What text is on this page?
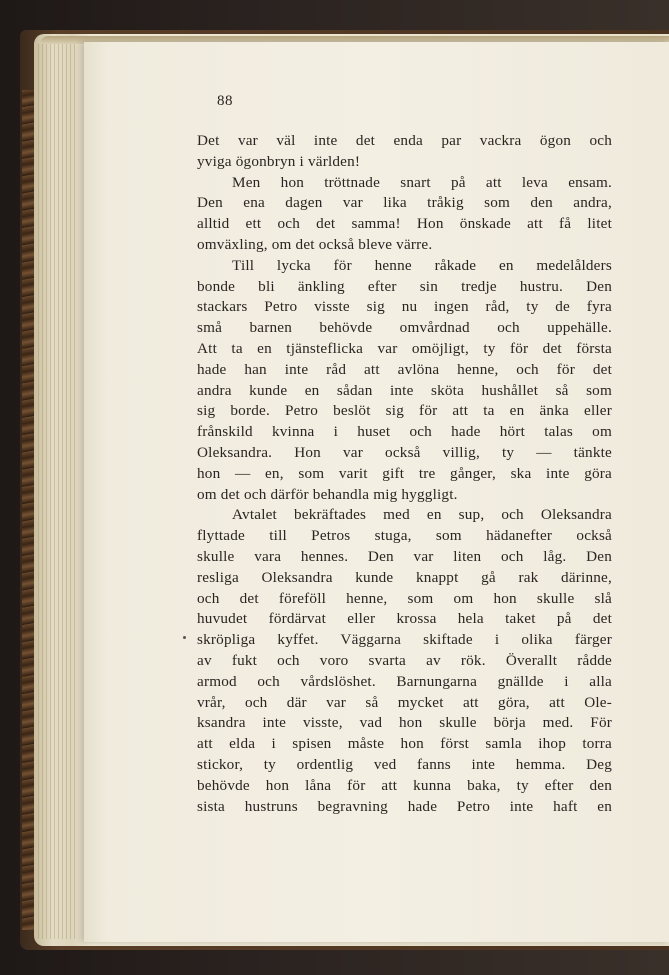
88
Det var väl inte det enda par vackra ögon och
yviga ögonbryn i världen!
Men hon tröttnade snart på att leva ensam.
Den ena dagen var lika tråkig som den andra,
alltid ett och det samma! Hon önskade att få litet
omväxling, om det också bleve värre.
Till lycka för henne råkade en medelålders
bonde bli änkling efter sin tredje hustru. Den
stackars Petro visste sig nu ingen råd, ty de fyra
små barnen behövde omvårdnad och uppehälle.
Att ta en tjänsteflicka var omöjligt, ty för det första
hade han inte råd att avlöna henne, och för det
andra kunde en sådan inte sköta hushållet så som
sig borde. Petro beslöt sig för att ta en änka eller
frånskild kvinna i huset och hade hört talas om
Oleksandra. Hon var också villig, ty — tänkte
hon — en, som varit gift tre gånger, ska inte göra
om det och därför behandla mig hyggligt.
Avtalet bekräftades med en sup, och Oleksandra
flyttade till Petros stuga, som hädanefter också
skulle vara hennes. Den var liten och låg. Den
resliga Oleksandra kunde knappt gå rak därinne,
och det föreföll henne, som om hon skulle slå
huvudet fördärvat eller krossa hela taket på det
skröpliga kyffet. Väggarna skiftade i olika färger
av fukt och voro svarta av rök. Överallt rådde
armod och vårdslöshet. Barnungarna gnällde i alla
vrår, och där var så mycket att göra, att Ole-
ksandra inte visste, vad hon skulle börja med. För
att elda i spisen måste hon först samla ihop torra
stickor, ty ordentlig ved fanns inte hemma. Deg
behövde hon låna för att kunna baka, ty efter den
sista hustruns begravning hade Petro inte haft en
